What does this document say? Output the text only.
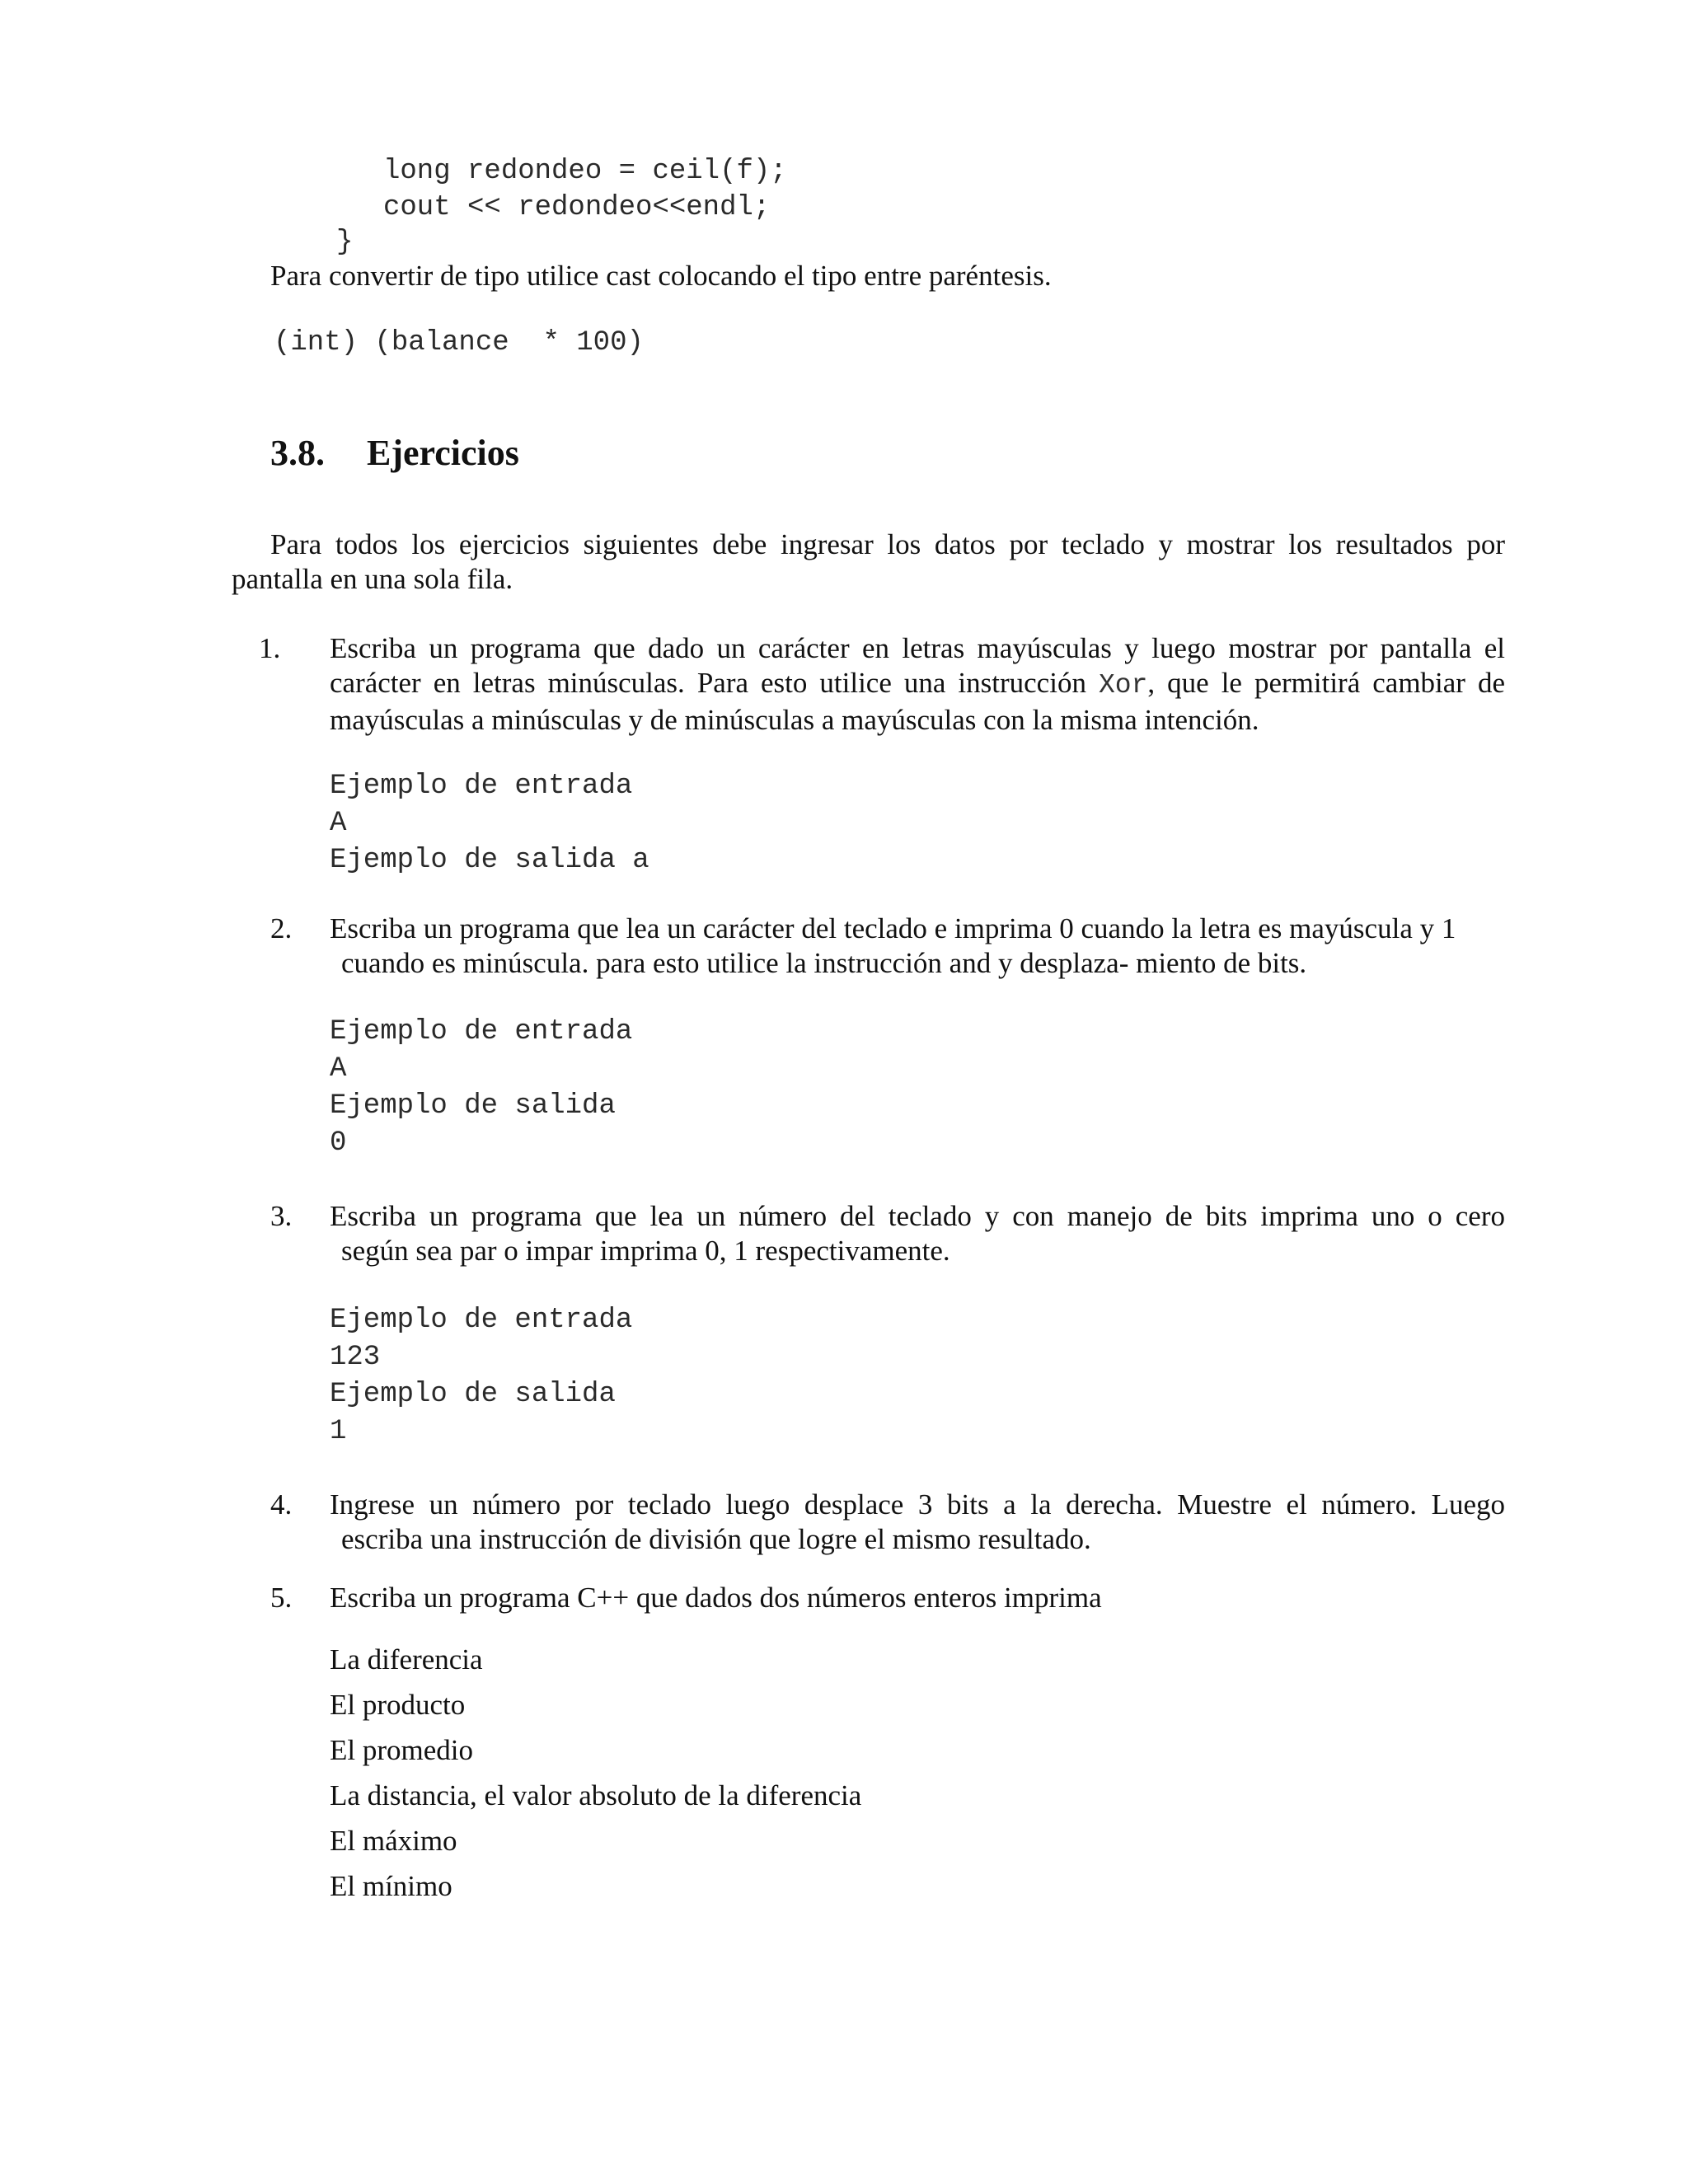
long redondeo = ceil(f);
cout << redondeo<<endl;
}
Para convertir de tipo utilice cast colocando el tipo entre paréntesis.
(int) (balance  * 100)
3.8. Ejercicios
Para todos los ejercicios siguientes debe ingresar los datos por teclado y mostrar los resultados por pantalla en una sola fila.
1. Escriba un programa que dado un carácter en letras mayúsculas y luego mostrar por pantalla el carácter en letras minúsculas. Para esto utilice una instrucción Xor, que le permitirá cambiar de mayúsculas a minúsculas y de minúsculas a mayúsculas con la misma intención.
Ejemplo de entrada
A
Ejemplo de salida a
2. Escriba un programa que lea un carácter del teclado e imprima 0 cuando la letra es mayúscula y 1
cuando es minúscula. para esto utilice la instrucción and y desplaza- miento de bits.
Ejemplo de entrada
A
Ejemplo de salida
0
3. Escriba un programa que lea un número del teclado y con manejo de bits imprima uno o cero
según sea par o impar imprima 0, 1 respectivamente.
Ejemplo de entrada
123
Ejemplo de salida
1
4. Ingrese un número por teclado luego desplace 3 bits a la derecha. Muestre el número. Luego
escriba una instrucción de división que logre el mismo resultado.
5. Escriba un programa C++ que dados dos números enteros imprima
La diferencia
El producto
El promedio
La distancia, el valor absoluto de la diferencia
El máximo
El mínimo
